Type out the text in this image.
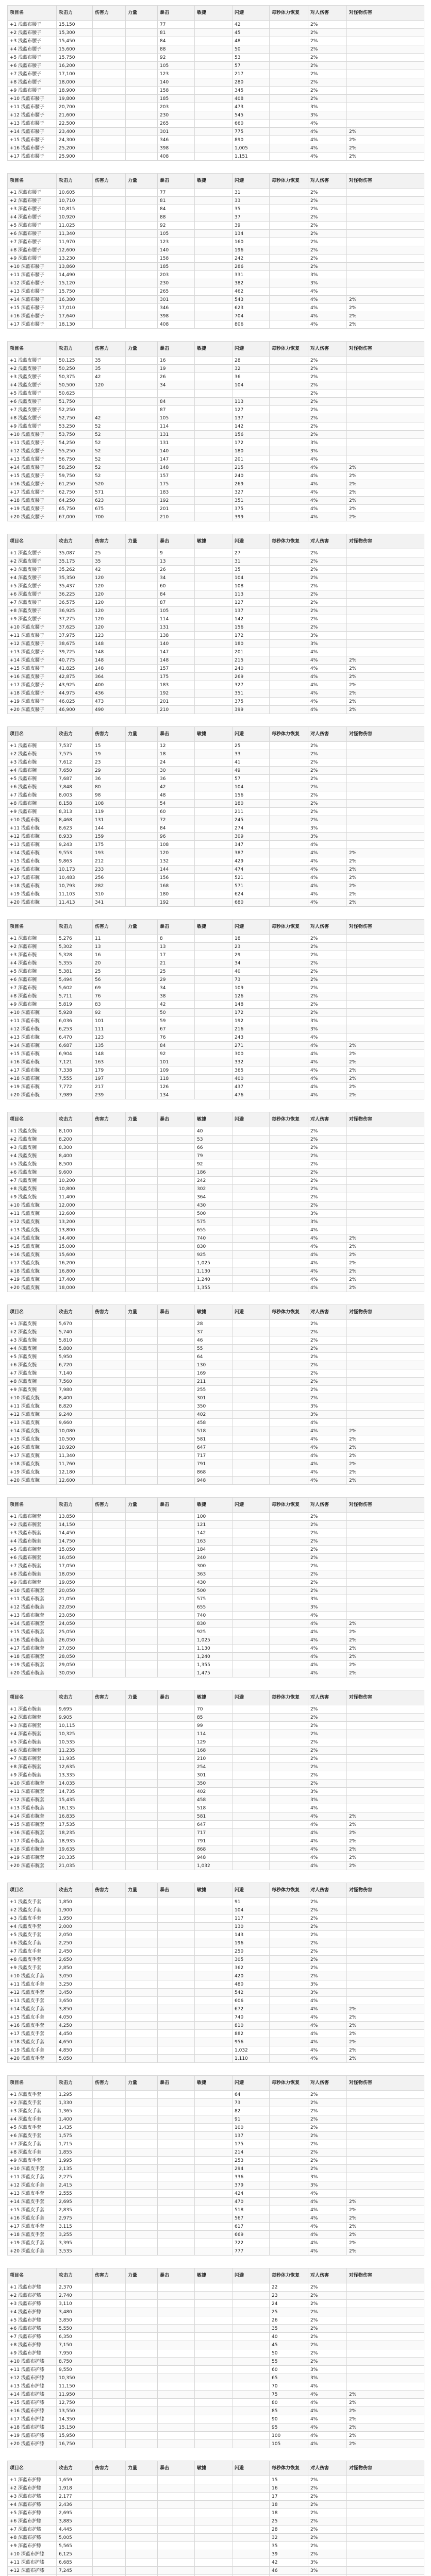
项目名	攻击力	伤害力	力量	暴击	敏捷	闪避	每秒体力恢复	对人伤害	对怪物伤害
+1 浅蓝布腰子	15,150			77		42		2%	
+2 浅蓝布腰子	15,300			81		45		2%	
+3 浅蓝布腰子	15,450			84		48		2%	
+4 浅蓝布腰子	15,600			88		50		2%	
+5 浅蓝布腰子	15,750			92		53		2%	
+6 浅蓝布腰子	16,200			105		57		2%	
+7 浅蓝布腰子	17,100			123		217		2%	
+8 浅蓝布腰子	18,000			140		280		2%	
+9 浅蓝布腰子	18,900			158		345		2%	
+10 浅蓝布腰子	19,800			185		408		2%	
+11 浅蓝布腰子	20,700			203		473		3%	
+12 浅蓝布腰子	21,600			230		545		3%	
+13 浅蓝布腰子	22,500			265		660		4%	
+14 浅蓝布腰子	23,400			301		775		4%	2%
+15 浅蓝布腰子	24,300			346		890		4%	2%
+16 浅蓝布腰子	25,200			398		1,005		4%	2%
+17 浅蓝布腰子	25,900			408		1,151		4%	2%
项目名	攻击力	伤害力	力量	暴击	敏捷	闪避	每秒体力恢复	对人伤害	对怪物伤害
+1 深蓝布腰子	10,605			77		31		2%	
+2 深蓝布腰子	10,710			81		33		2%	
+3 深蓝布腰子	10,815			84		35		2%	
+4 深蓝布腰子	10,920			88		37		2%	
+5 深蓝布腰子	11,025			92		39		2%	
+6 深蓝布腰子	11,340			105		134		2%	
+7 深蓝布腰子	11,970			123		160		2%	
+8 深蓝布腰子	12,600			140		196		2%	
+9 深蓝布腰子	13,230			158		242		2%	
+10 深蓝布腰子	13,860			185		286		2%	
+11 深蓝布腰子	14,490			203		331		3%	
+12 深蓝布腰子	15,120			230		382		3%	
+13 深蓝布腰子	15,750			265		462		4%	
+14 深蓝布腰子	16,380			301		543		4%	2%
+15 深蓝布腰子	17,010			346		623		4%	2%
+16 深蓝布腰子	17,640			398		704		4%	2%
+17 深蓝布腰子	18,130			408		806		4%	2%
项目名	攻击力	伤害力	力量	暴击	敏捷	闪避	每秒体力恢复	对人伤害	对怪物伤害
+1 浅蓝皮腰子	50,125	35		16		28		2%	
+2 浅蓝皮腰子	50,250	35		19		32		2%	
+3 浅蓝皮腰子	50,375	42		26		36		2%	
+4 浅蓝皮腰子	50,500	120		34		104		2%	
+5 浅蓝皮腰子	50,625							2%	
+6 浅蓝皮腰子	51,750			84		113		2%	
+7 浅蓝皮腰子	52,250			87		127		2%	
+8 浅蓝皮腰子	52,750	42		105		137		2%	
+9 浅蓝皮腰子	53,250	52		114		142		2%	
+10 浅蓝皮腰子	53,750	52		131		156		2%	
+11 浅蓝皮腰子	54,250	52		131		172		3%	
+12 浅蓝皮腰子	55,250	52		140		180		3%	
+13 浅蓝皮腰子	56,750	52		147		201		4%	
+14 浅蓝皮腰子	58,250	52		148		215		4%	2%
+15 浅蓝皮腰子	59,750	52		157		240		4%	2%
+16 浅蓝皮腰子	61,250	520		175		269		4%	2%
+17 浅蓝皮腰子	62,750	571		183		327		4%	2%
+18 浅蓝皮腰子	64,250	623		192		351		4%	2%
+19 浅蓝皮腰子	65,750	675		201		375		4%	2%
+20 浅蓝皮腰子	67,000	700		210		399		4%	2%
项目名	攻击力	伤害力	力量	暴击	敏捷	闪避	每秒体力恢复	对人伤害	对怪物伤害
+1 深蓝皮腰子	35,087	25		9		27		2%	
+2 深蓝皮腰子	35,175	35		13		31		2%	
+3 深蓝皮腰子	35,262	42		26		35		2%	
+4 深蓝皮腰子	35,350	120		34		104		2%	
+5 深蓝皮腰子	35,437	120		60		108		2%	
+6 深蓝皮腰子	36,225	120		84		113		2%	
+7 深蓝皮腰子	36,575	120		87		127		2%	
+8 深蓝皮腰子	36,925	120		105		137		2%	
+9 深蓝皮腰子	37,275	120		114		142		2%	
+10 深蓝皮腰子	37,625	120		131		156		2%	
+11 深蓝皮腰子	37,975	123		138		172		3%	
+12 深蓝皮腰子	38,675	148		140		180		3%	
+13 深蓝皮腰子	39,725	148		147		201		4%	
+14 深蓝皮腰子	40,775	148		148		215		4%	2%
+15 深蓝皮腰子	41,825	148		157		240		4%	2%
+16 深蓝皮腰子	42,875	364		175		269		4%	2%
+17 深蓝皮腰子	43,925	400		183		327		4%	2%
+18 深蓝皮腰子	44,975	436		192		351		4%	2%
+19 深蓝皮腰子	46,025	473		201		375		4%	2%
+20 深蓝皮腰子	46,900	490		210		399		4%	2%
项目名	攻击力	伤害力	力量	暴击	敏捷	闪避	每秒体力恢复	对人伤害	对怪物伤害
+1 浅蓝布腕	7,537	15		12		25		2%	
+2 浅蓝布腕	7,575	19		18		33		2%	
+3 浅蓝布腕	7,612	23		24		41		2%	
+4 浅蓝布腕	7,650	29		30		49		2%	
+5 浅蓝布腕	7,687	36		36		57		2%	
+6 浅蓝布腕	7,848	80		42		104		2%	
+7 浅蓝布腕	8,003	98		48		156		2%	
+8 浅蓝布腕	8,158	108		54		180		2%	
+9 浅蓝布腕	8,313	119		60		211		2%	
+10 浅蓝布腕	8,468	131		72		245		2%	
+11 浅蓝布腕	8,623	144		84		274		3%	
+12 浅蓝布腕	8,933	159		96		309		3%	
+13 浅蓝布腕	9,243	175		108		347		4%	
+14 浅蓝布腕	9,553	193		120		387		4%	2%
+15 浅蓝布腕	9,863	212		132		429		4%	2%
+16 浅蓝布腕	10,173	233		144		474		4%	2%
+17 浅蓝布腕	10,483	256		156		521		4%	2%
+18 浅蓝布腕	10,793	282		168		571		4%	2%
+19 浅蓝布腕	11,103	310		180		624		4%	2%
+20 浅蓝布腕	11,413	341		192		680		4%	2%
项目名	攻击力	伤害力	力量	暴击	敏捷	闪避	每秒体力恢复	对人伤害	对怪物伤害
+1 深蓝布腕	5,276	11		8		18		2%	
+2 深蓝布腕	5,302	13		13		23		2%	
+3 深蓝布腕	5,328	16		17		29		2%	
+4 深蓝布腕	5,355	20		21		34		2%	
+5 深蓝布腕	5,381	25		25		40		2%	
+6 深蓝布腕	5,494	56		29		73		2%	
+7 深蓝布腕	5,602	69		34		109		2%	
+8 深蓝布腕	5,711	76		38		126		2%	
+9 深蓝布腕	5,819	83		42		148		2%	
+10 深蓝布腕	5,928	92		50		172		2%	
+11 深蓝布腕	6,036	101		59		192		3%	
+12 深蓝布腕	6,253	111		67		216		3%	
+13 深蓝布腕	6,470	123		76		243		4%	
+14 深蓝布腕	6,687	135		84		271		4%	2%
+15 深蓝布腕	6,904	148		92		300		4%	2%
+16 深蓝布腕	7,121	163		101		332		4%	2%
+17 深蓝布腕	7,338	179		109		365		4%	2%
+18 深蓝布腕	7,555	197		118		400		4%	2%
+19 深蓝布腕	7,772	217		126		437		4%	2%
+20 深蓝布腕	7,989	239		134		476		4%	2%
项目名	攻击力	伤害力	力量	暴击	敏捷	闪避	每秒体力恢复	对人伤害	对怪物伤害
+1 浅蓝皮腕	8,100				40			2%	
+2 浅蓝皮腕	8,200				53			2%	
+3 浅蓝皮腕	8,300				66			2%	
+4 浅蓝皮腕	8,400				79			2%	
+5 浅蓝皮腕	8,500				92			2%	
+6 浅蓝皮腕	9,600				186			2%	
+7 浅蓝皮腕	10,200				242			2%	
+8 浅蓝皮腕	10,800				302			2%	
+9 浅蓝皮腕	11,400				364			2%	
+10 浅蓝皮腕	12,000				430			2%	
+11 浅蓝皮腕	12,600				500			3%	
+12 浅蓝皮腕	13,200				575			3%	
+13 浅蓝皮腕	13,800				655			4%	
+14 浅蓝皮腕	14,400				740			4%	2%
+15 浅蓝皮腕	15,000				830			4%	2%
+16 浅蓝皮腕	15,600				925			4%	2%
+17 浅蓝皮腕	16,200				1,025			4%	2%
+18 浅蓝皮腕	16,800				1,130			4%	2%
+19 浅蓝皮腕	17,400				1,240			4%	2%
+20 浅蓝皮腕	18,000				1,355			4%	2%
项目名	攻击力	伤害力	力量	暴击	敏捷	闪避	每秒体力恢复	对人伤害	对怪物伤害
+1 深蓝皮腕	5,670				28			2%	
+2 深蓝皮腕	5,740				37			2%	
+3 深蓝皮腕	5,810				46			2%	
+4 深蓝皮腕	5,880				55			2%	
+5 深蓝皮腕	5,950				64			2%	
+6 深蓝皮腕	6,720				130			2%	
+7 深蓝皮腕	7,140				169			2%	
+8 深蓝皮腕	7,560				211			2%	
+9 深蓝皮腕	7,980				255			2%	
+10 深蓝皮腕	8,400				301			2%	
+11 深蓝皮腕	8,820				350			3%	
+12 深蓝皮腕	9,240				402			3%	
+13 深蓝皮腕	9,660				458			4%	
+14 深蓝皮腕	10,080				518			4%	2%
+15 深蓝皮腕	10,500				581			4%	2%
+16 深蓝皮腕	10,920				647			4%	2%
+17 深蓝皮腕	11,340				717			4%	2%
+18 深蓝皮腕	11,760				791			4%	2%
+19 深蓝皮腕	12,180				868			4%	2%
+20 深蓝皮腕	12,600				948			4%	2%
项目名	攻击力	伤害力	力量	暴击	敏捷	闪避	每秒体力恢复	对人伤害	对怪物伤害
+1 浅蓝布腕套	13,850				100			2%	
+2 浅蓝布腕套	14,150				121			2%	
+3 浅蓝布腕套	14,450				142			2%	
+4 浅蓝布腕套	14,750				163			2%	
+5 浅蓝布腕套	15,050				184			2%	
+6 浅蓝布腕套	16,050				240			2%	
+7 浅蓝布腕套	17,050				300			2%	
+8 浅蓝布腕套	18,050				363			2%	
+9 浅蓝布腕套	19,050				430			2%	
+10 浅蓝布腕套	20,050				500			2%	
+11 浅蓝布腕套	21,050				575			3%	
+12 浅蓝布腕套	22,050				655			3%	
+13 浅蓝布腕套	23,050				740			4%	
+14 浅蓝布腕套	24,050				830			4%	2%
+15 浅蓝布腕套	25,050				925			4%	2%
+16 浅蓝布腕套	26,050				1,025			4%	2%
+17 浅蓝布腕套	27,050				1,130			4%	2%
+18 浅蓝布腕套	28,050				1,240			4%	2%
+19 浅蓝布腕套	29,050				1,355			4%	2%
+20 浅蓝布腕套	30,050				1,475			4%	2%
项目名	攻击力	伤害力	力量	暴击	敏捷	闪避	每秒体力恢复	对人伤害	对怪物伤害
+1 深蓝布腕套	9,695				70			2%	
+2 深蓝布腕套	9,905				85			2%	
+3 深蓝布腕套	10,115				99			2%	
+4 深蓝布腕套	10,325				114			2%	
+5 深蓝布腕套	10,535				129			2%	
+6 深蓝布腕套	11,235				168			2%	
+7 深蓝布腕套	11,935				210			2%	
+8 深蓝布腕套	12,635				254			2%	
+9 深蓝布腕套	13,335				301			2%	
+10 深蓝布腕套	14,035				350			2%	
+11 深蓝布腕套	14,735				402			3%	
+12 深蓝布腕套	15,435				458			3%	
+13 深蓝布腕套	16,135				518			4%	
+14 深蓝布腕套	16,835				581			4%	2%
+15 深蓝布腕套	17,535				647			4%	2%
+16 深蓝布腕套	18,235				717			4%	2%
+17 深蓝布腕套	18,935				791			4%	2%
+18 深蓝布腕套	19,635				868			4%	2%
+19 深蓝布腕套	20,335				948			4%	2%
+20 深蓝布腕套	21,035				1,032			4%	2%
项目名	攻击力	伤害力	力量	暴击	敏捷	闪避	每秒体力恢复	对人伤害	对怪物伤害
+1 浅蓝皮手套	1,850					91		2%	
+2 浅蓝皮手套	1,900					104		2%	
+3 浅蓝皮手套	1,950					117		2%	
+4 浅蓝皮手套	2,000					130		2%	
+5 浅蓝皮手套	2,050					143		2%	
+6 浅蓝皮手套	2,250					196		2%	
+7 浅蓝皮手套	2,450					250		2%	
+8 浅蓝皮手套	2,650					305		2%	
+9 浅蓝皮手套	2,850					362		2%	
+10 浅蓝皮手套	3,050					420		2%	
+11 浅蓝皮手套	3,250					480		3%	
+12 浅蓝皮手套	3,450					542		3%	
+13 浅蓝皮手套	3,650					606		4%	
+14 浅蓝皮手套	3,850					672		4%	2%
+15 浅蓝皮手套	4,050					740		4%	2%
+16 浅蓝皮手套	4,250					810		4%	2%
+17 浅蓝皮手套	4,450					882		4%	2%
+18 浅蓝皮手套	4,650					956		4%	2%
+19 浅蓝皮手套	4,850					1,032		4%	2%
+20 浅蓝皮手套	5,050					1,110		4%	2%
项目名	攻击力	伤害力	力量	暴击	敏捷	闪避	每秒体力恢复	对人伤害	对怪物伤害
+1 深蓝皮手套	1,295					64		2%	
+2 深蓝皮手套	1,330					73		2%	
+3 深蓝皮手套	1,365					82		2%	
+4 深蓝皮手套	1,400					91		2%	
+5 深蓝皮手套	1,435					100		2%	
+6 深蓝皮手套	1,575					137		2%	
+7 深蓝皮手套	1,715					175		2%	
+8 深蓝皮手套	1,855					214		2%	
+9 深蓝皮手套	1,995					253		2%	
+10 深蓝皮手套	2,135					294		2%	
+11 深蓝皮手套	2,275					336		3%	
+12 深蓝皮手套	2,415					379		3%	
+13 深蓝皮手套	2,555					424		4%	
+14 深蓝皮手套	2,695					470		4%	2%
+15 深蓝皮手套	2,835					518		4%	2%
+16 深蓝皮手套	2,975					567		4%	2%
+17 深蓝皮手套	3,115					617		4%	2%
+18 深蓝皮手套	3,255					669		4%	2%
+19 深蓝皮手套	3,395					722		4%	2%
+20 深蓝皮手套	3,535					777		4%	2%
项目名	攻击力	伤害力	力量	暴击	敏捷	闪避	每秒体力恢复	对人伤害	对怪物伤害
+1 浅蓝布护膝	2,370						22	2%	
+2 浅蓝布护膝	2,740						23	2%	
+3 浅蓝布护膝	3,110						24	2%	
+4 浅蓝布护膝	3,480						25	2%	
+5 浅蓝布护膝	3,850						26	2%	
+6 浅蓝布护膝	5,550						35	2%	
+7 浅蓝布护膝	6,350						40	2%	
+8 浅蓝布护膝	7,150						45	2%	
+9 浅蓝布护膝	7,950						50	2%	
+10 浅蓝布护膝	8,750						55	2%	
+11 浅蓝布护膝	9,550						60	3%	
+12 浅蓝布护膝	10,350						65	3%	
+13 浅蓝布护膝	11,150						70	4%	
+14 浅蓝布护膝	11,950						75	4%	2%
+15 浅蓝布护膝	12,750						80	4%	2%
+16 浅蓝布护膝	13,550						85	4%	2%
+17 浅蓝布护膝	14,350						90	4%	2%
+18 浅蓝布护膝	15,150						95	4%	2%
+19 浅蓝布护膝	15,950						100	4%	2%
+20 浅蓝布护膝	16,750						105	4%	2%
项目名	攻击力	伤害力	力量	暴击	敏捷	闪避	每秒体力恢复	对人伤害	对怪物伤害
+1 深蓝布护膝	1,659						15	2%	
+2 深蓝布护膝	1,918						16	2%	
+3 深蓝布护膝	2,177						17	2%	
+4 深蓝布护膝	2,436						18	2%	
+5 深蓝布护膝	2,695						18	2%	
+6 深蓝布护膝	3,885						25	2%	
+7 深蓝布护膝	4,445						28	2%	
+8 深蓝布护膝	5,005						32	2%	
+9 深蓝布护膝	5,565						35	2%	
+10 深蓝布护膝	6,125						39	2%	
+11 深蓝布护膝	6,685						42	3%	
+12 深蓝布护膝	7,245						46	3%	
